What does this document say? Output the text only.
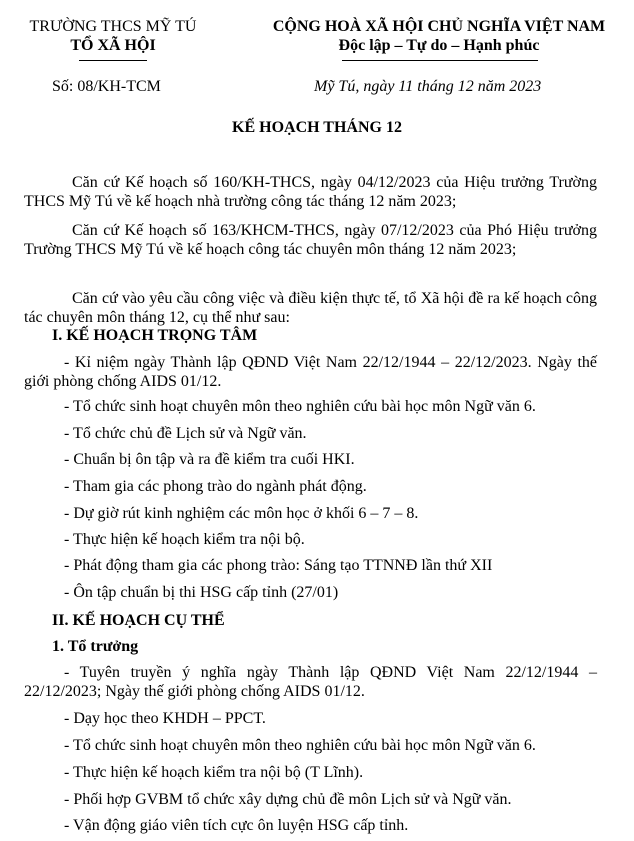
TRƯỜNG THCS MỸ TÚ
TỔ XÃ HỘI
CỘNG HOÀ XÃ HỘI CHỦ NGHĨA VIỆT NAM
Độc lập – Tự do – Hạnh phúc
Số: 08/KH-TCM	Mỹ Tú, ngày 11 tháng 12 năm 2023
KẾ HOẠCH THÁNG 12
Căn cứ Kế hoạch số 160/KH-THCS, ngày 04/12/2023 của Hiệu trưởng Trường THCS Mỹ Tú về kế hoạch nhà trường công tác tháng 12 năm 2023;
Căn cứ Kế hoạch số 163/KHCM-THCS, ngày 07/12/2023 của Phó Hiệu trưởng Trường THCS Mỹ Tú về kế hoạch công tác chuyên môn tháng 12 năm 2023;
Căn cứ vào yêu cầu công việc và điều kiện thực tế, tổ Xã hội đề ra kế hoạch công tác chuyên môn tháng 12, cụ thể như sau:
I. KẾ HOẠCH TRỌNG TÂM
- Kỉ niệm ngày Thành lập QĐND Việt Nam 22/12/1944 – 22/12/2023. Ngày thế giới phòng chống AIDS 01/12.
- Tổ chức sinh hoạt chuyên môn theo nghiên cứu bài học môn Ngữ văn 6.
- Tổ chức chủ đề Lịch sử và Ngữ văn.
- Chuẩn bị ôn tập và ra đề kiểm tra cuối HKI.
- Tham gia các phong trào do ngành phát động.
- Dự giờ rút kinh nghiệm các môn học ở khối 6 – 7 – 8.
- Thực hiện kế hoạch kiểm tra nội bộ.
- Phát động tham gia các phong trào: Sáng tạo TTNNĐ lần thứ XII
- Ôn tập chuẩn bị thi HSG cấp tỉnh (27/01)
II. KẾ HOẠCH CỤ THỂ
1. Tổ trưởng
- Tuyên truyền ý nghĩa ngày Thành lập QĐND Việt Nam 22/12/1944 – 22/12/2023; Ngày thế giới phòng chống AIDS 01/12.
- Dạy học theo KHDH – PPCT.
- Tổ chức sinh hoạt chuyên môn theo nghiên cứu bài học môn Ngữ văn 6.
- Thực hiện kế hoạch kiểm tra nội bộ (T Lĩnh).
- Phối hợp GVBM tổ chức xây dựng chủ đề môn Lịch sử và Ngữ văn.
- Vận động giáo viên tích cực ôn luyện HSG cấp tỉnh.
